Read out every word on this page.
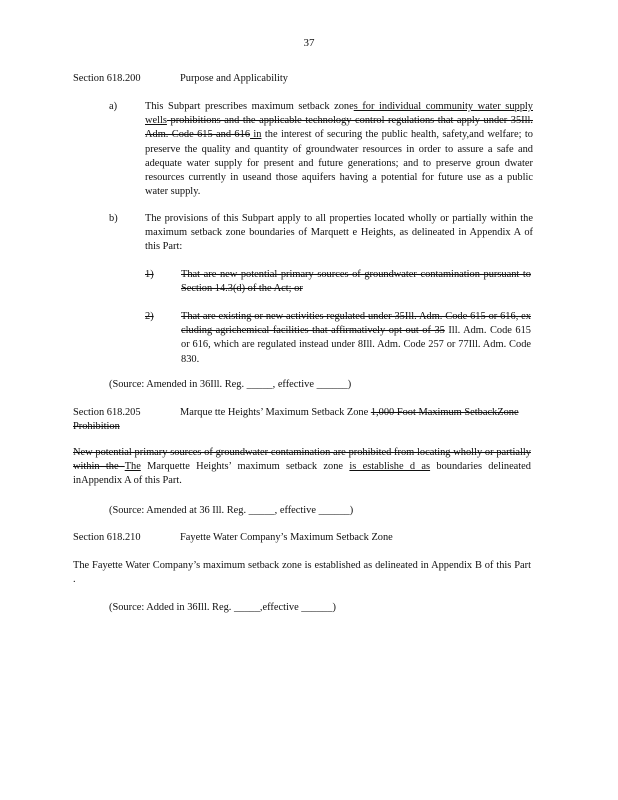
37
Section 618.200	Purpose and Applicability
a)	This Subpart prescribes maximum setback zones for individual community water supply wells prohibitions and the applicable technology control regulations that apply under 35Ill. Adm. Code 615 and 616 in the interest of securing the public health, safety,and welfare; to preserve the quality and quantity of groundwater resources in order to assure a safe and adequate water supply for present and future generations; and to preserve groun dwater resources currently in useand those aquifers having a potential for future use as a public water supply.
b)	The provisions of this Subpart apply to all properties located wholly or partially within the maximum setback zone boundaries of Marquett e Heights, as delineated in Appendix A of this Part:
1)	That are new potential primary sources of groundwater contamination pursuant to Section 14.3(d) of the Act; or
2)	That are existing or new activities regulated under 35Ill. Adm. Code 615 or 616, ex cluding agrichemical facilities that affirmatively opt out of 35 Ill. Adm. Code 615 or 616, which are regulated instead under 8Ill. Adm. Code 257 or 77Ill. Adm. Code 830.
(Source: Amended in 36Ill. Reg. _____, effective ______)
Section 618.205	Marque tte Heights’ Maximum Setback Zone 1,000 Foot Maximum SetbackZone Prohibition
New potential primary sources of groundwater contamination are prohibited from locating wholly or partially within the The Marquette Heights’ maximum setback zone is establishe d as boundaries delineated inAppendix A of this Part.
(Source: Amended at 36 Ill. Reg. _____, effective ______)
Section 618.210	Fayette Water Company’s Maximum Setback Zone
The Fayette Water Company’s maximum setback zone is established as delineated in Appendix B of this Part .
(Source: Added in 36Ill. Reg. _____,effective ______)
